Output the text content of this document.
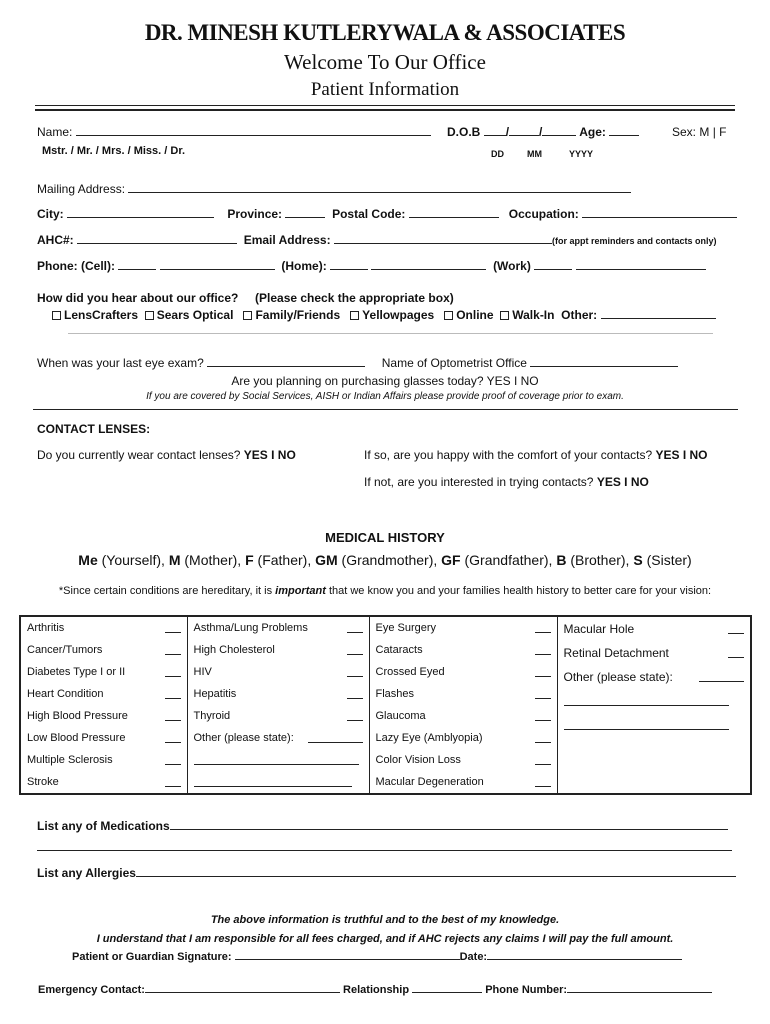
DR. MINESH KUTLERYWALA & ASSOCIATES
Welcome To Our Office
Patient Information
Name:	D.O.B /	/	Age:	Sex: M | F
Mstr. / Mr. / Mrs. / Miss. / Dr.	DD	MM	YYYY
Mailing Address:
City:	Province:	Postal Code:	Occupation:
AHC#:	Email Address:	(for appt reminders and contacts only)
Phone: (Cell):	(Home):	(Work)
How did you hear about our office? (Please check the appropriate box)
LensCrafters Sears Optical Family/Friends Yellowpages Online Walk-In Other:
When was your last eye exam?	Name of Optometrist Office
Are you planning on purchasing glasses today? YES I NO
If you are covered by Social Services, AISH or Indian Affairs please provide proof of coverage prior to exam.
CONTACT LENSES:
Do you currently wear contact lenses? YES I NO	If so, are you happy with the comfort of your contacts? YES I NO
If not, are you interested in trying contacts? YES I NO
MEDICAL HISTORY
Me (Yourself), M (Mother), F (Father), GM (Grandmother), GF (Grandfather), B (Brother), S (Sister)
*Since certain conditions are hereditary, it is important that we know you and your families health history to better care for your vision:
Arthritis
Cancer/Tumors
Diabetes Type I or II
Heart Condition
High Blood Pressure
Low Blood Pressure
Multiple Sclerosis
Stroke

Asthma/Lung Problems
High Cholesterol
HIV
Hepatitis
Thyroid
Other (please state):

Eye Surgery
Cataracts
Crossed Eyed
Flashes
Glaucoma
Lazy Eye (Amblyopia)
Color Vision Loss
Macular Degeneration

Macular Hole
Retinal Detachment
Other (please state):
List any of Medications
List any Allergies
The above information is truthful and to the best of my knowledge.
I understand that I am responsible for all fees charged, and if AHC rejects any claims I will pay the full amount.
Patient or Guardian Signature:	Date:
Emergency Contact:	Relationship	Phone Number:
